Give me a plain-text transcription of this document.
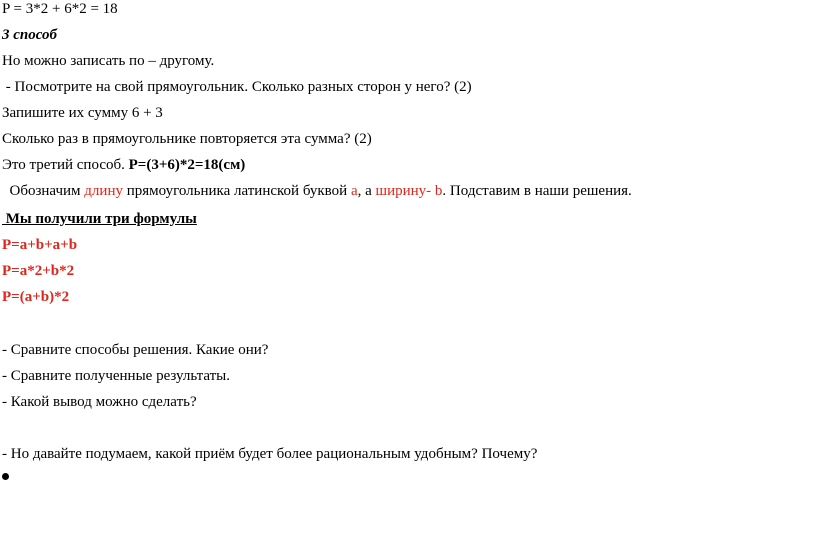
P = 3*2 + 6*2 = 18
3 способ
Но можно записать по – другому.
- Посмотрите на свой прямоугольник. Сколько разных сторон у него? (2)
Запишите их сумму 6 + 3
Сколько раз в прямоугольнике повторяется эта сумма? (2)
Это третий способ. P=(3+6)*2=18(см)
Обозначим длину прямоугольника латинской буквой a, а ширину- b. Подставим в наши решения.
Мы получили три формулы
P=a+b+a+b
P=a*2+b*2
P=(a+b)*2
- Сравните способы решения. Какие они?
- Сравните полученные результаты.
- Какой вывод можно сделать?
- Но давайте подумаем, какой приём будет более рациональным удобным? Почему?
